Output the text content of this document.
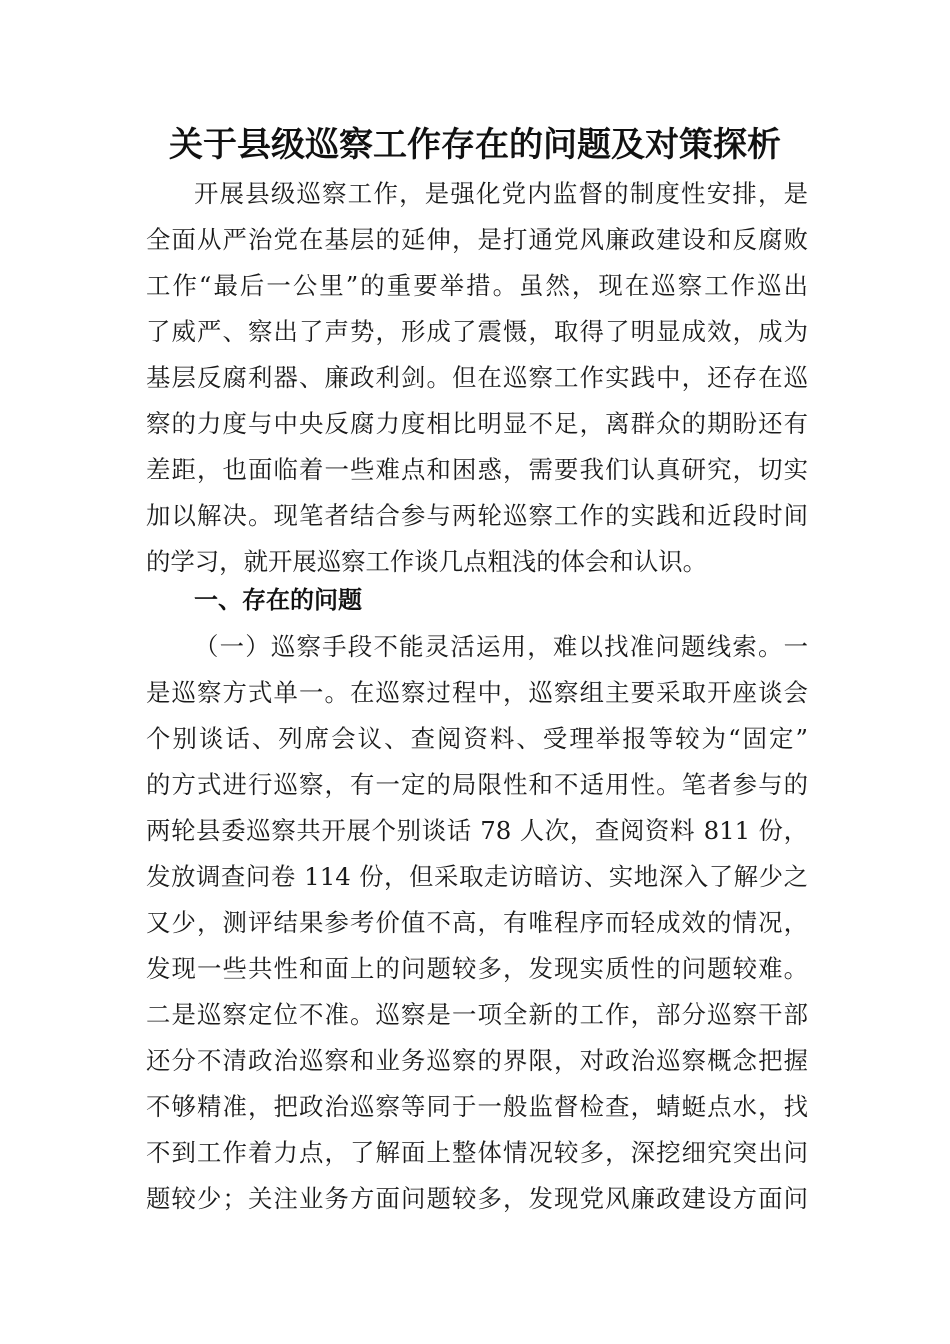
关于县级巡察工作存在的问题及对策探析

开展县级巡察工作，是强化党内监督的制度性安排，是

全面从严治党在基层的延伸，是打通党风廉政建设和反腐败

工作“最后一公里”的重要举措。虽然，现在巡察工作巡出

了威严、察出了声势，形成了震慑，取得了明显成效，成为

基层反腐利器、廉政利剑。但在巡察工作实践中，还存在巡

察的力度与中央反腐力度相比明显不足，离群众的期盼还有

差距，也面临着一些难点和困惑，需要我们认真研究，切实

加以解决。现笔者结合参与两轮巡察工作的实践和近段时间

的学习，就开展巡察工作谈几点粗浅的体会和认识。

一、存在的问题

（一）巡察手段不能灵活运用，难以找准问题线索。一

是巡察方式单一。在巡察过程中，巡察组主要采取开座谈会

个别谈话、列席会议、查阅资料、受理举报等较为“固定”

的方式进行巡察，有一定的局限性和不适用性。笔者参与的

两轮县委巡察共开展个别谈话 78 人次，查阅资料 811 份，

发放调查问卷 114 份，但采取走访暗访、实地深入了解少之

又少，测评结果参考价值不高，有唯程序而轻成效的情况，

发现一些共性和面上的问题较多，发现实质性的问题较难。

二是巡察定位不准。巡察是一项全新的工作，部分巡察干部

还分不清政治巡察和业务巡察的界限，对政治巡察概念把握

不够精准，把政治巡察等同于一般监督检查，蜻蜓点水，找

不到工作着力点，了解面上整体情况较多，深挖细究突出问

题较少；关注业务方面问题较多，发现党风廉政建设方面问
